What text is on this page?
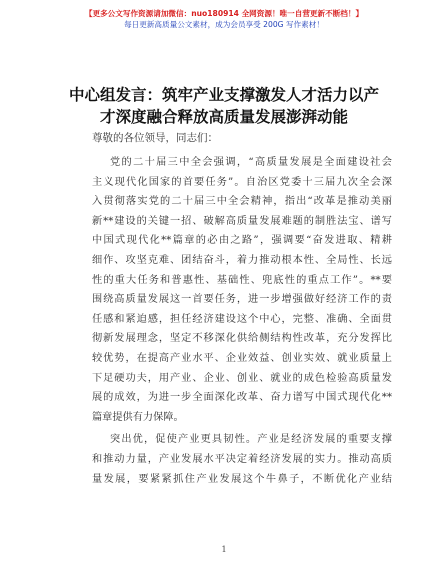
【更多公文写作资源请加微信：nuo180914 全网资源！唯一自营更新不断档！】
每日更新高质量公文素材，成为会员享受 200G 写作素材！
中心组发言：筑牢产业支撑激发人才活力以产
才深度融合释放高质量发展澎湃动能
尊敬的各位领导，同志们：
党的二十届三中全会强调，“高质量发展是全面建设社会
主义现代化国家的首要任务”。自治区党委十三届九次全会深
入贯彻落实党的二十届三中全会精神，指出“改革是推动美丽
新**建设的关键一招、破解高质量发展难题的制胜法宝、谱写
中国式现代化**篇章的必由之路”，强调要“奋发进取、精耕
细作、攻坚克难、团结奋斗，着力推动根本性、全局性、长远
性的重大任务和普惠性、基础性、兜底性的重点工作”。**要
围绕高质量发展这一首要任务，进一步增强做好经济工作的责
任感和紧迫感，担任经济建设这个中心，完整、准确、全面贯
彻新发展理念，坚定不移深化供给侧结构性改革，充分发挥比
较优势，在提高产业水平、企业效益、创业实效、就业质量上
下足硬功夫，用产业、企业、创业、就业的成色检验高质量发
展的成效，为进一步全面深化改革、奋力谱写中国式现代化**
篇章提供有力保障。
突出优，促使产业更具韧性。产业是经济发展的重要支撑
和推动力量，产业发展水平决定着经济发展的实力。推动高质
量发展，要紧紧抓住产业发展这个牛鼻子，不断优化产业结
1
